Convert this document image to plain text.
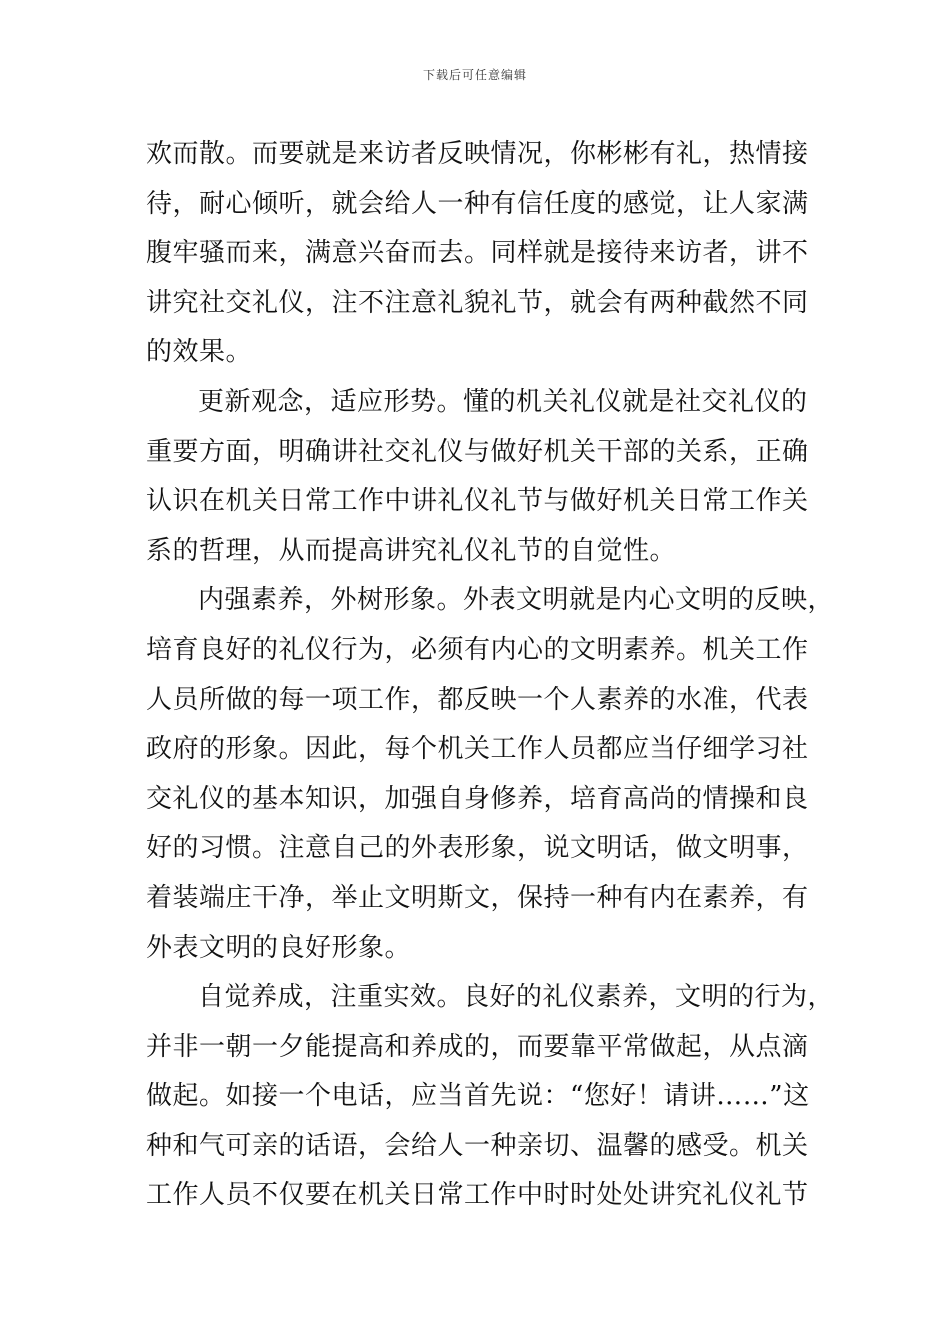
下载后可任意编辑
欢而散。而要就是来访者反映情况，你彬彬有礼，热情接
待，耐心倾听，就会给人一种有信任度的感觉，让人家满
腹牢骚而来，满意兴奋而去。同样就是接待来访者，讲不
讲究社交礼仪，注不注意礼貌礼节，就会有两种截然不同
的效果。
更新观念，适应形势。懂的机关礼仪就是社交礼仪的
重要方面，明确讲社交礼仪与做好机关干部的关系，正确
认识在机关日常工作中讲礼仪礼节与做好机关日常工作关
系的哲理，从而提高讲究礼仪礼节的自觉性。
内强素养，外树形象。外表文明就是内心文明的反映，
培育良好的礼仪行为，必须有内心的文明素养。机关工作
人员所做的每一项工作，都反映一个人素养的水准，代表
政府的形象。因此，每个机关工作人员都应当仔细学习社
交礼仪的基本知识，加强自身修养，培育高尚的情操和良
好的习惯。注意自己的外表形象，说文明话，做文明事，
着装端庄干净，举止文明斯文，保持一种有内在素养，有
外表文明的良好形象。
自觉养成，注重实效。良好的礼仪素养，文明的行为，
并非一朝一夕能提高和养成的，而要靠平常做起，从点滴
做起。如接一个电话，应当首先说：“您好！请讲……”这
种和气可亲的话语，会给人一种亲切、温馨的感受。机关
工作人员不仅要在机关日常工作中时时处处讲究礼仪礼节
